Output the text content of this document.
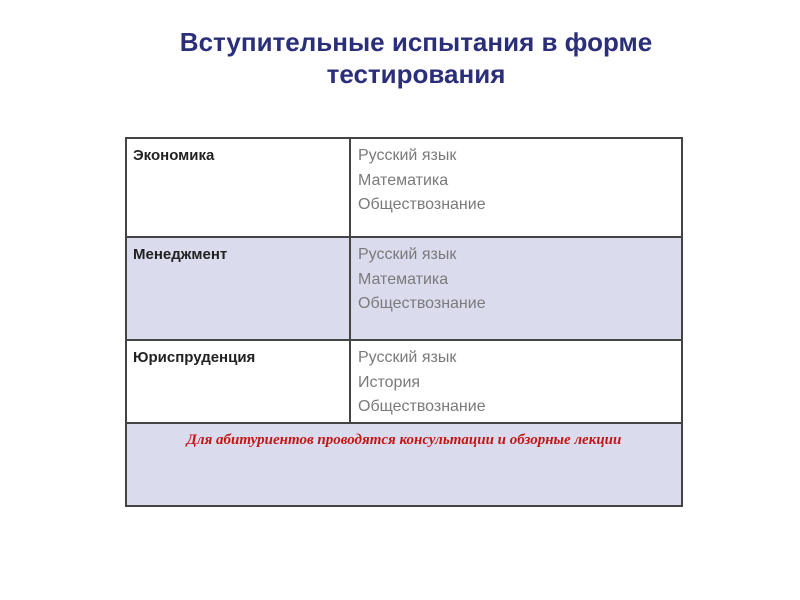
Вступительные испытания в форме
тестирования
Экономика	Русский язык
Математика
Обществознание

Менеджмент	Русский язык
Математика
Обществознание

Юриспруденция	Русский язык
История
Обществознание

Для абитуриентов проводятся консультации и обзорные лекции	
